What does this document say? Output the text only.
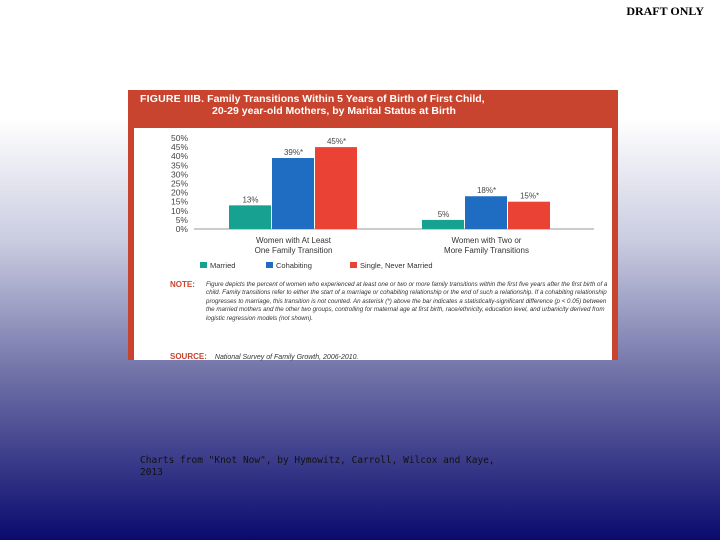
DRAFT ONLY
FIGURE IIIB. Family Transitions Within 5 Years of Birth of First Child,
20-29 year-old Mothers, by Marital Status at Birth
0%
5%
10%
15%
20%
25%
30%
35%
40%
45%
50%
13%
5%
39%*
18%*
45%*
15%*
Women with At Least
One Family Transition
Women with Two or
More Family Transitions
Married	Cohabiting	Single, Never Married
NOTE:	Figure depicts the percent of women who experienced at least one or two or more family transitions within the first five years after the first birth of a child. Family transitions refer to either the start of a marriage or cohabiting relationship or the end of such a relationship. If a cohabiting relationship progresses to marriage, this transition is not counted. An asterisk (*) above the bar indicates a statistically-significant difference (p < 0.05) between the married mothers and the other two groups, controlling for maternal age at first birth, race/ethnicity, education level, and urbanicity derived from logistic regression models (not shown).
SOURCE: National Survey of Family Growth, 2006-2010.
Charts from "Knot Now", by Hymowitz, Carroll, Wilcox and Kaye, 2013
